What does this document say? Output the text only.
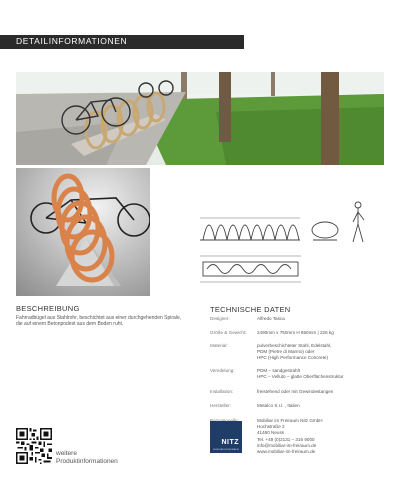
DETAILINFORMATIONEN
BESCHREIBUNG
Fahrradbügel aus Stahlrohr, beschichtet aus einer durchgehenden Spirale, die auf einem Betonpodest aus dem Boden ruht.
TECHNISCHE DATEN
Designer:	Alfredo Tasca
Größe & Gewicht: 2490mm x 750mm H 850mm | 226 kg
Material:	pulverbeschichteter Stahl, Edelstahl,
PDM (Pietre di Marmo) oder
HPC (High Performance Concrete)
Veredelung:	PDM – sandgestrahlt
HPC – Velluto – glatte Oberflächenstruktur
Installation:	freistehend oder mit Gewindestangen
Hersteller:	Metalco S.r.l. , Italien
Mobiliar im Freiraum Nitz GmbH
Hochstraße 2
41460 Neuss
Tel. +49 (0)2131 – 316 9000
info@mobiliar-im-freiraum.de
www.mobiliar-im-freiraum.de
NITZ
MOBILIAR IM FREIRAUM
weitere
Produktinformationen
